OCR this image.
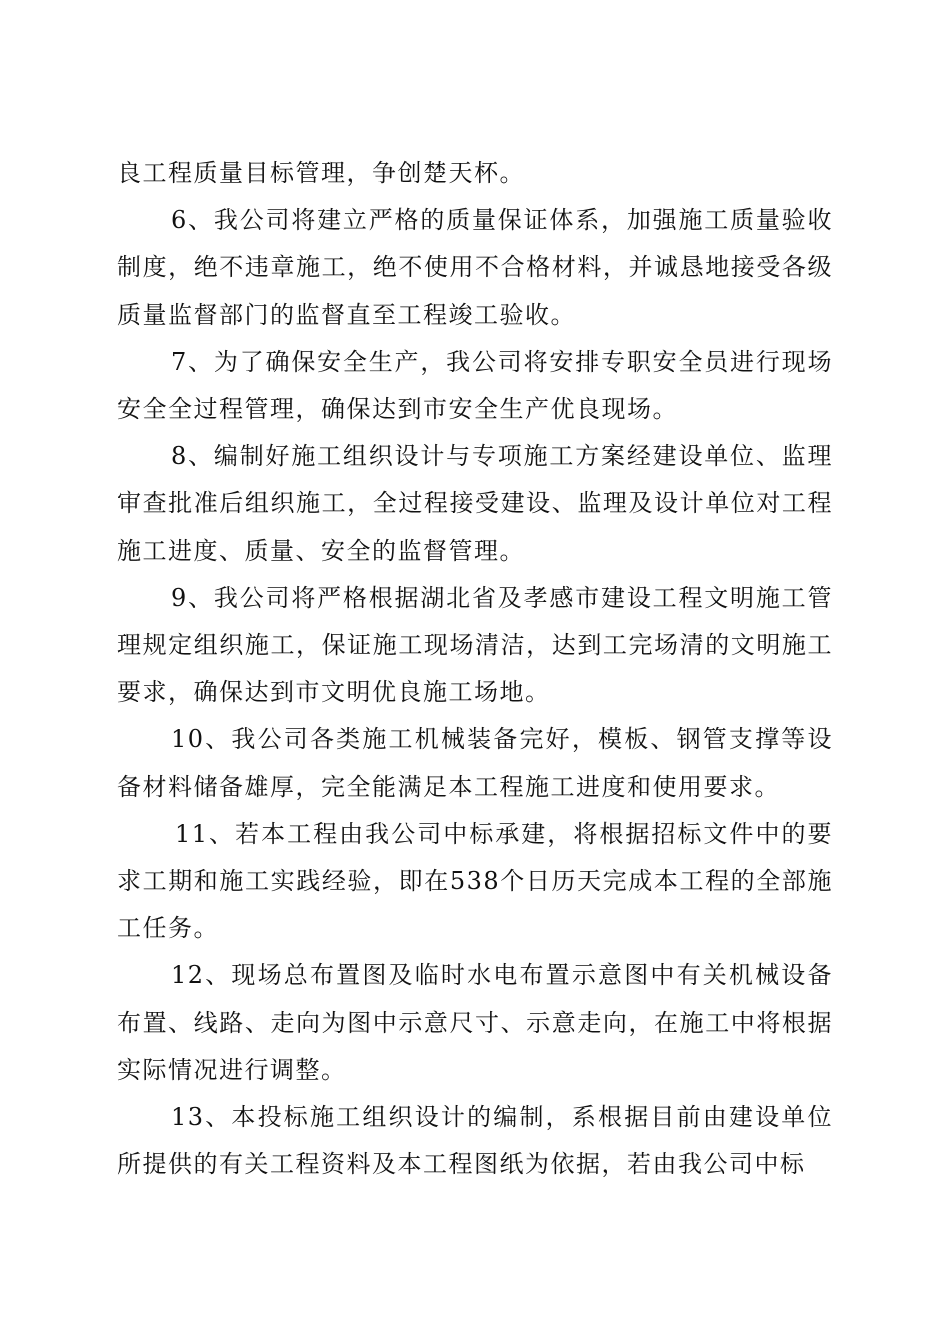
良工程质量目标管理，争创楚天杯。

6、我公司将建立严格的质量保证体系，加强施工质量验收制度，绝不违章施工，绝不使用不合格材料，并诚恳地接受各级质量监督部门的监督直至工程竣工验收。

7、为了确保安全生产，我公司将安排专职安全员进行现场安全全过程管理，确保达到市安全生产优良现场。

8、编制好施工组织设计与专项施工方案经建设单位、监理审查批准后组织施工，全过程接受建设、监理及设计单位对工程施工进度、质量、安全的监督管理。

9、我公司将严格根据湖北省及孝感市建设工程文明施工管理规定组织施工，保证施工现场清洁，达到工完场清的文明施工要求，确保达到市文明优良施工场地。

10、我公司各类施工机械装备完好，模板、钢管支撑等设备材料储备雄厚，完全能满足本工程施工进度和使用要求。

11、若本工程由我公司中标承建，将根据招标文件中的要求工期和施工实践经验，即在538个日历天完成本工程的全部施工任务。

12、现场总布置图及临时水电布置示意图中有关机械设备布置、线路、走向为图中示意尺寸、示意走向，在施工中将根据实际情况进行调整。

13、本投标施工组织设计的编制，系根据目前由建设单位所提供的有关工程资料及本工程图纸为依据，若由我公司中标
